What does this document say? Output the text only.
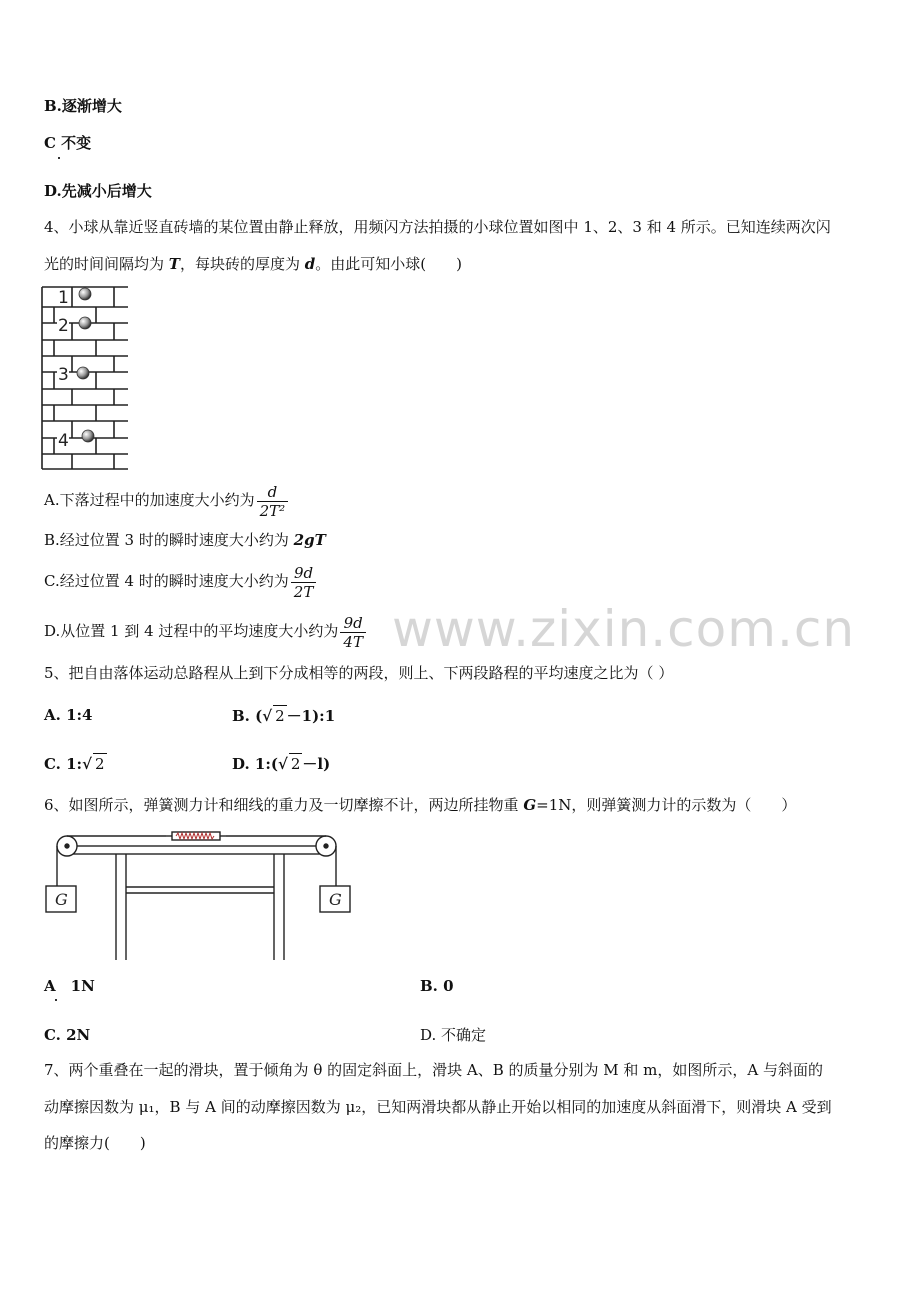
www.zixin.com.cn
B.逐渐增大
C 不变
D.先减小后增大
4、小球从靠近竖直砖墙的某位置由静止释放，用频闪方法拍摄的小球位置如图中 1、2、3 和 4 所示。已知连续两次闪
光的时间间隔均为 T，每块砖的厚度为 d。由此可知小球(　　)
1
2
3
4
A.下落过程中的加速度大小约为 $\frac{d}{\text{2T²}}$
B.经过位置 3 时的瞬时速度大小约为 2gT
C.经过位置 4 时的瞬时速度大小约为 $\frac{9d}{2T}$
D.从位置 1 到 4 过程中的平均速度大小约为 $\frac{9d}{4T}$
5、把自由落体运动总路程从上到下分成相等的两段，则上、下两段路程的平均速度之比为（ ）
A. 1:4	B. (√ 2 －1):1
C. 1:√ 2	D. 1:(√ 2 －l)
6、如图所示，弹簧测力计和细线的重力及一切摩擦不计，两边所挂物重 G=1N，则弹簧测力计的示数为（　　）
G	G
A　1N	B. 0
C. 2N	D. 不确定
7、两个重叠在一起的滑块，置于倾角为 θ 的固定斜面上，滑块 A、B 的质量分别为 M 和 m，如图所示，A 与斜面的
动摩擦因数为 μ₁，B 与 A 间的动摩擦因数为 μ₂，已知两滑块都从静止开始以相同的加速度从斜面滑下，则滑块 A 受到
的摩擦力(　　)
